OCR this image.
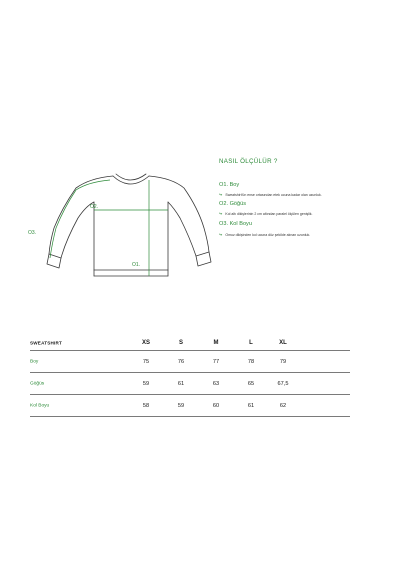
O2.
O1.
O3.
NASIL ÖLÇÜLÜR ?
O1. Boy
↬ Sweatshirt'ün ense ortasından etek ucuna kadar olan uzunluk.
O2. Göğüs
↬ Kol altı dikişlerinin 2 cm altından paralel ölçülen genişlik.
O3. Kol Boyu
↬ Omuz dikişinden kol ucuna düz şekilde alınan uzunluk.
SWEATSHIRT	XS	S	M	L	XL
Boy	75	76	77	78	79
Göğüs	59	61	63	65	67,5
Kol Boyu	58	59	60	61	62
